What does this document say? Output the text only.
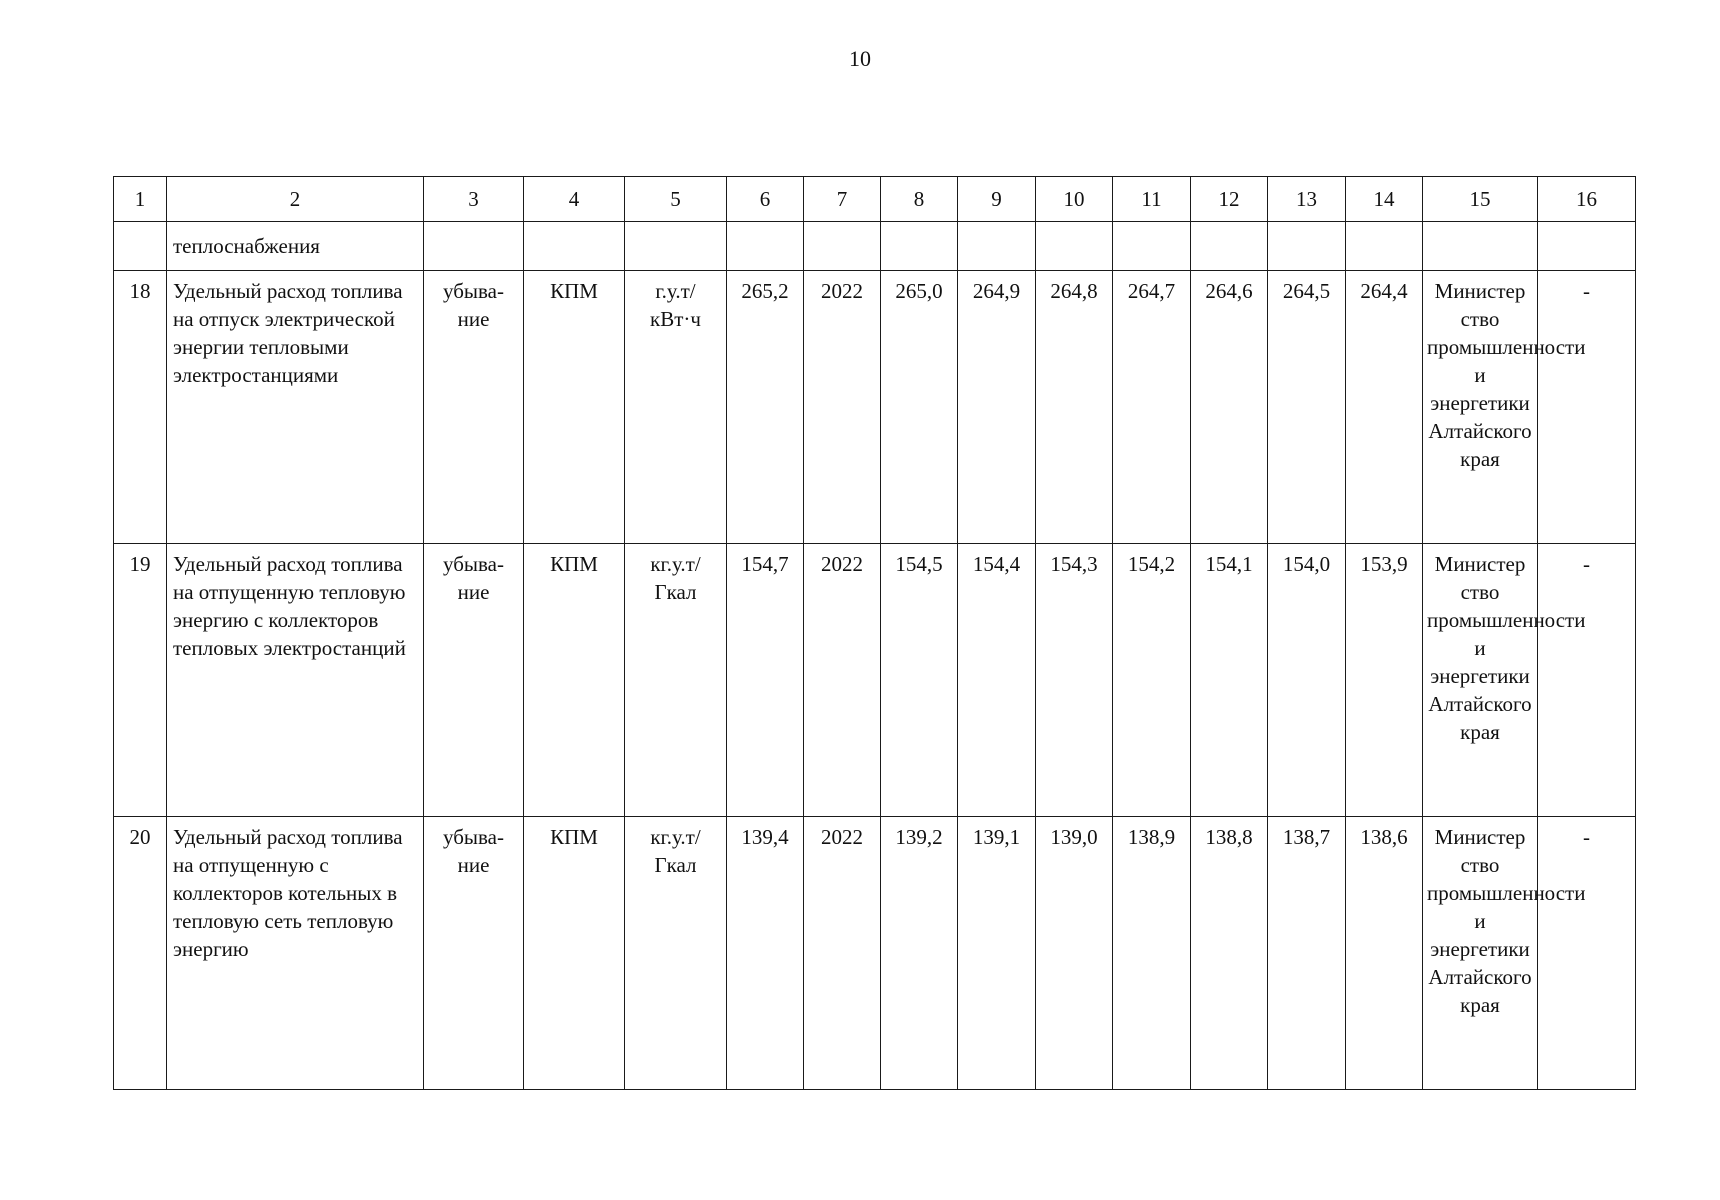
10
1	2	3	4	5	6	7	8	9	10	11	12	13	14	15	16
	теплоснабжения														
18	Удельный расход топлива на отпуск электрической энергии тепловыми электростанциями	убыва-ние	КПМ	г.у.т/ кВт·ч	265,2	2022	265,0	264,9	264,8	264,7	264,6	264,5	264,4	Министер ство промышленности и энергетики Алтайского края	-
19	Удельный расход топлива на отпущенную тепловую энергию с коллекторов тепловых электростанций	убыва-ние	КПМ	кг.у.т/ Гкал	154,7	2022	154,5	154,4	154,3	154,2	154,1	154,0	153,9	Министер ство промышленности и энергетики Алтайского края	-
20	Удельный расход топлива на отпущенную с коллекторов котельных в тепловую сеть тепловую энергию	убыва-ние	КПМ	кг.у.т/ Гкал	139,4	2022	139,2	139,1	139,0	138,9	138,8	138,7	138,6	Министер ство промышленности и энергетики Алтайского края	-
